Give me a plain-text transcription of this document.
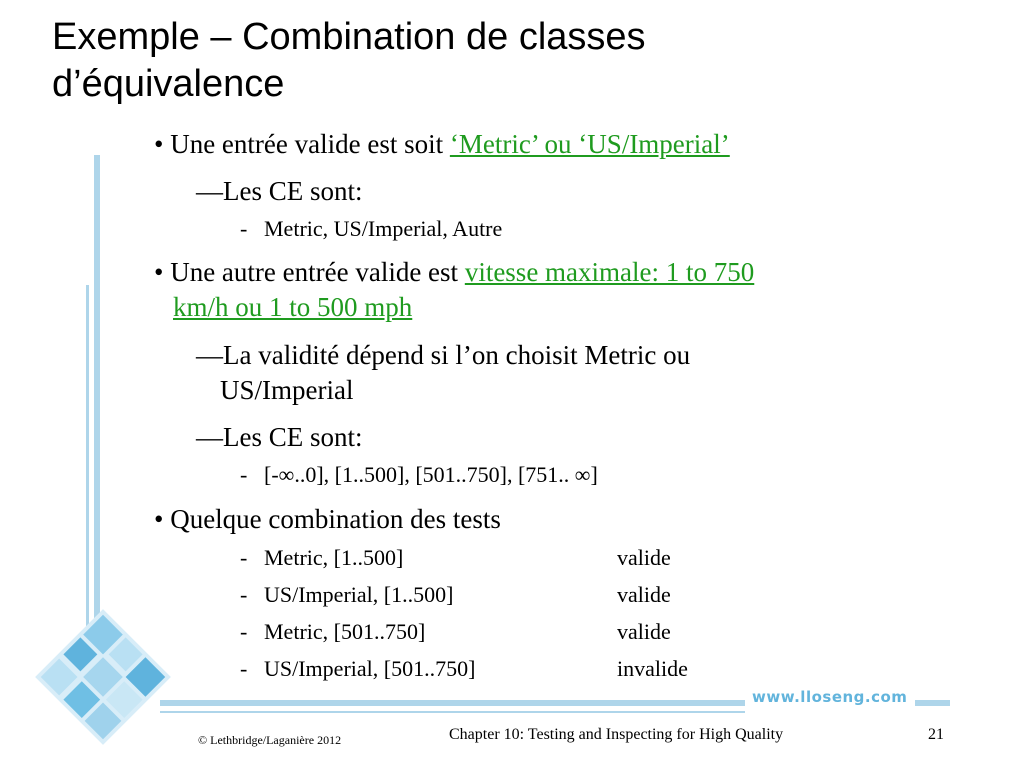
Exemple – Combination de classes
d’équivalence
• Une entrée valide est soit ‘Metric’ ou ‘US/Imperial’
—Les CE sont:
- Metric, US/Imperial, Autre
• Une autre entrée valide est vitesse maximale: 1 to 750
km/h ou 1 to 500 mph
—La validité dépend si l’on choisit Metric ou
US/Imperial
—Les CE sont:
- [-∞..0], [1..500], [501..750], [751.. ∞]
• Quelque combination des tests
- Metric, [1..500]	valide
- US/Imperial, [1..500]	valide
- Metric, [501..750]	valide
- US/Imperial, [501..750]	invalide
www.lloseng.com
© Lethbridge/Laganière 2012	Chapter 10: Testing and Inspecting for High Quality	21
